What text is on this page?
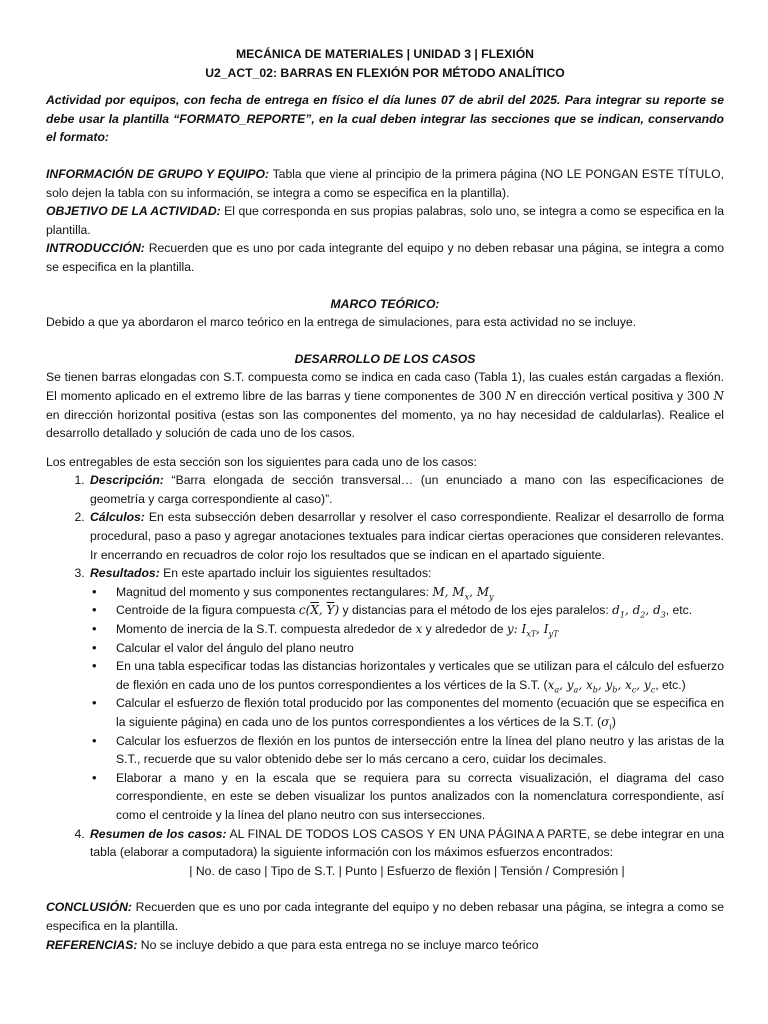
MECÁNICA DE MATERIALES | UNIDAD 3 | FLEXIÓN

U2_ACT_02: BARRAS EN FLEXIÓN POR MÉTODO ANALÍTICO

Actividad por equipos, con fecha de entrega en físico el día lunes 07 de abril del 2025. Para integrar su reporte se debe usar la plantilla “FORMATO_REPORTE”, en la cual deben integrar las secciones que se indican, conservando el formato:

INFORMACIÓN DE GRUPO Y EQUIPO: Tabla que viene al principio de la primera página (NO LE PONGAN ESTE TÍTULO, solo dejen la tabla con su información, se integra a como se especifica en la plantilla).

OBJETIVO DE LA ACTIVIDAD: El que corresponda en sus propias palabras, solo uno, se integra a como se especifica en la plantilla.

INTRODUCCIÓN: Recuerden que es uno por cada integrante del equipo y no deben rebasar una página, se integra a como se especifica en la plantilla.

MARCO TEÓRICO:

Debido a que ya abordaron el marco teórico en la entrega de simulaciones, para esta actividad no se incluye.

DESARROLLO DE LOS CASOS

Se tienen barras elongadas con S.T. compuesta como se indica en cada caso (Tabla 1), las cuales están cargadas a flexión. El momento aplicado en el extremo libre de las barras y tiene componentes de 300 N en dirección vertical positiva y 300 N en dirección horizontal positiva (estas son las componentes del momento, ya no hay necesidad de caldularlas). Realice el desarrollo detallado y solución de cada uno de los casos.

Los entregables de esta sección son los siguientes para cada uno de los casos:

1. Descripción: “Barra elongada de sección transversal… (un enunciado a mano con las especificaciones de geometría y carga correspondiente al caso)”.
2. Cálculos: En esta subsección deben desarrollar y resolver el caso correspondiente. Realizar el desarrollo de forma procedural, paso a paso y agregar anotaciones textuales para indicar ciertas operaciones que consideren relevantes. Ir encerrando en recuadros de color rojo los resultados que se indican en el apartado siguiente.
3. Resultados: En este apartado incluir los siguientes resultados:
• Magnitud del momento y sus componentes rectangulares: M, $M_x$, $M_y$
• Centroide de la figura compuesta $c(\overline{X}$, $\overline{Y}$) y distancias para el método de los ejes paralelos: $d_1$, $d_2$, $d_3$, etc.
• Momento de inercia de la S.T. compuesta alrededor de x y alrededor de y: $I_{xT}$, $I_{yT}$
• Calcular el valor del ángulo del plano neutro
• En una tabla especificar todas las distancias horizontales y verticales que se utilizan para el cálculo del esfuerzo de flexión en cada uno de los puntos correspondientes a los vértices de la S.T. ($x_a$, $y_a$, $x_b$, $y_b$, $x_c$, $y_c$, etc.)
• Calcular el esfuerzo de flexión total producido por las componentes del momento (ecuación que se especifica en la siguiente página) en cada uno de los puntos correspondientes a los vértices de la S.T. $(\sigma_i)$
• Calcular los esfuerzos de flexión en los puntos de intersección entre la línea del plano neutro y las aristas de la S.T., recuerde que su valor obtenido debe ser lo más cercano a cero, cuidar los decimales.
• Elaborar a mano y en la escala que se requiera para su correcta visualización, el diagrama del caso correspondiente, en este se deben visualizar los puntos analizados con la nomenclatura correspondiente, así como el centroide y la línea del plano neutro con sus intersecciones.
4. Resumen de los casos: AL FINAL DE TODOS LOS CASOS Y EN UNA PÁGINA A PARTE, se debe integrar en una tabla (elaborar a computadora) la siguiente información con los máximos esfuerzos encontrados:

| No. de caso | Tipo de S.T. | Punto | Esfuerzo de flexión | Tensión / Compresión |

CONCLUSIÓN: Recuerden que es uno por cada integrante del equipo y no deben rebasar una página, se integra a como se especifica en la plantilla.

REFERENCIAS: No se incluye debido a que para esta entrega no se incluye marco teórico
